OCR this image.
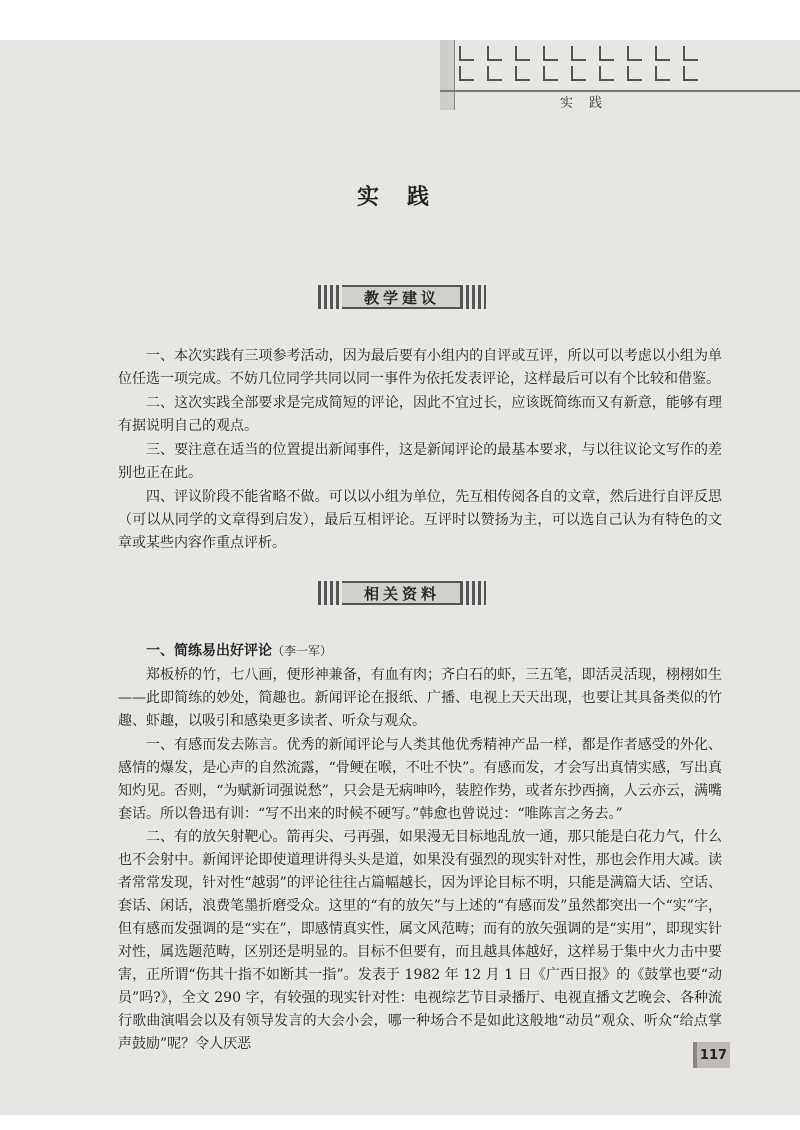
实践
实践
教学建议

一、本次实践有三项参考活动，因为最后要有小组内的自评或互评，所以可以考虑以小组为单位任选一项完成。不妨几位同学共同以同一事件为依托发表评论，这样最后可以有个比较和借鉴。

二、这次实践全部要求是完成简短的评论，因此不宜过长，应该既简练而又有新意，能够有理有据说明自己的观点。

三、要注意在适当的位置提出新闻事件，这是新闻评论的最基本要求，与以往议论文写作的差别也正在此。

四、评议阶段不能省略不做。可以以小组为单位，先互相传阅各自的文章，然后进行自评反思（可以从同学的文章得到启发），最后互相评论。互评时以赞扬为主，可以选自己认为有特色的文章或某些内容作重点评析。

相关资料

一、简练易出好评论（李一军）

郑板桥的竹，七八画，便形神兼备，有血有肉；齐白石的虾，三五笔，即活灵活现，栩栩如生——此即简练的妙处，简趣也。新闻评论在报纸、广播、电视上天天出现，也要让其具备类似的竹趣、虾趣，以吸引和感染更多读者、听众与观众。

一、有感而发去陈言。优秀的新闻评论与人类其他优秀精神产品一样，都是作者感受的外化、感情的爆发，是心声的自然流露，“骨鲠在喉，不吐不快”。有感而发，才会写出真情实感，写出真知灼见。否则，“为赋新词强说愁”，只会是无病呻吟，装腔作势，或者东抄西摘，人云亦云，满嘴套话。所以鲁迅有训：“写不出来的时候不硬写。”韩愈也曾说过：“唯陈言之务去。”

二、有的放矢射靶心。箭再尖、弓再强，如果漫无目标地乱放一通，那只能是白花力气，什么也不会射中。新闻评论即使道理讲得头头是道，如果没有强烈的现实针对性，那也会作用大减。读者常常发现，针对性“越弱”的评论往往占篇幅越长，因为评论目标不明，只能是满篇大话、空话、套话、闲话，浪费笔墨折磨受众。这里的“有的放矢”与上述的“有感而发”虽然都突出一个“实”字，但有感而发强调的是“实在”，即感情真实性，属文风范畴；而有的放矢强调的是“实用”，即现实针对性，属选题范畴，区别还是明显的。目标不但要有，而且越具体越好，这样易于集中火力击中要害，正所谓“伤其十指不如断其一指”。发表于 1982 年 12 月 1 日《广西日报》的《鼓掌也要“动员”吗?》，全文 290 字，有较强的现实针对性：电视综艺节目录播厅、电视直播文艺晚会、各种流行歌曲演唱会以及有领导发言的大会小会，哪一种场合不是如此这般地“动员”观众、听众“给点掌声鼓励”呢？令人厌恶

117
